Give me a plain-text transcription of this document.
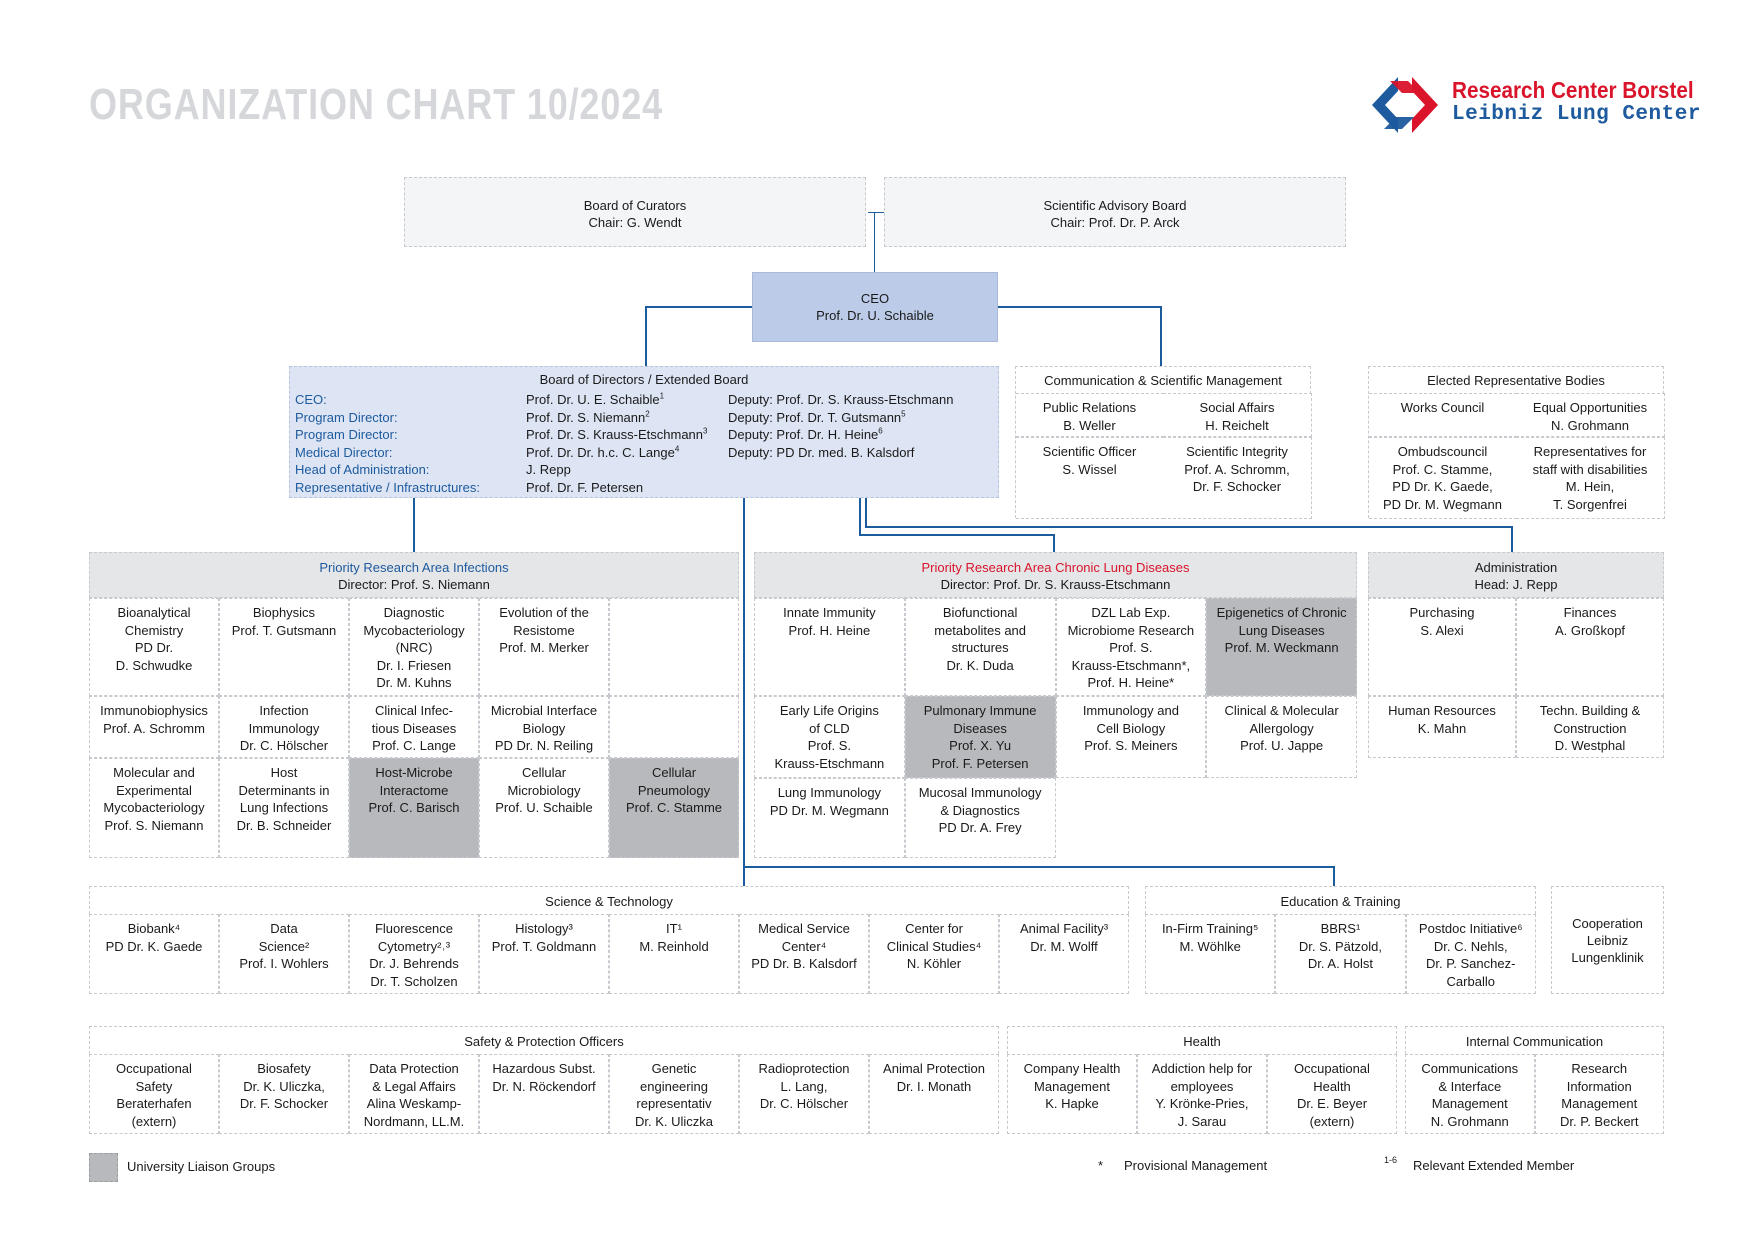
ORGANIZATION CHART 10/2024	Research Center Borstel
Leibniz Lung Center
Board of Curators
Chair: G. Wendt
Scientific Advisory Board
Chair: Prof. Dr. P. Arck
CEO
Prof. Dr. U. Schaible
Board of Directors / Extended Board
CEO:	Prof. Dr. U. E. Schaible$^1$	Deputy: Prof. Dr. S. Krauss-Etschmann
Program Director:	Prof. Dr. S. Niemann$^2$	Deputy: Prof. Dr. T. Gutsmann$^5$
Program Director:	Prof. Dr. S. Krauss-Etschmann$^3$ Deputy: Prof. Dr. H. Heine$^6$
Medical Director:	Prof. Dr. Dr. h.c. C. Lange$^4$	Deputy: PD Dr. med. B. Kalsdorf
Head of Administration:	J. Repp
Representative / Infrastructures:	Prof. Dr. F. Petersen
Communication & Scientific Management
Public Relations
B. Weller
Social Affairs
H. Reichelt
Scientific Officer
S. Wissel
Scientific Integrity
Prof. A. Schromm,
Dr. F. Schocker
Elected Representative Bodies
Works Council	Equal Opportunities
N. Grohmann
Ombudscouncil
Prof. C. Stamme,
PD Dr. K. Gaede,
PD Dr. M. Wegmann
Representatives for
staff with disabilities
M. Hein,
T. Sorgenfrei
Priority Research Area Infections
Director: Prof. S. Niemann
Bioanalytical
Chemistry
PD Dr.
D. Schwudke
Biophysics
Prof. T. Gutsmann
Diagnostic
Mycobacteriology
(NRC)
Dr. I. Friesen
Dr. M. Kuhns
Evolution of the
Resistome
Prof. M. Merker
Immunobiophysics
Prof. A. Schromm
Infection
Immunology
Dr. C. Hölscher
Clinical Infec-
tious Diseases
Prof. C. Lange
Microbial Interface
Biology
PD Dr. N. Reiling
Molecular and
Experimental
Mycobacteriology
Prof. S. Niemann
Host
Determinants in
Lung Infections
Dr. B. Schneider
Host-Microbe
Interactome
Prof. C. Barisch
Cellular
Microbiology
Prof. U. Schaible
Cellular
Pneumology
Prof. C. Stamme
Priority Research Area Chronic Lung Diseases
Director: Prof. Dr. S. Krauss-Etschmann
Innate Immunity
Prof. H. Heine
Biofunctional
metabolites and
structures
Dr. K. Duda
DZL Lab Exp.
Microbiome Research
Prof. S.
Krauss-Etschmann*,
Prof. H. Heine*
Epigenetics of Chronic
Lung Diseases
Prof. M. Weckmann
Early Life Origins
of CLD
Prof. S.
Krauss-Etschmann
Pulmonary Immune
Diseases
Prof. X. Yu
Prof. F. Petersen
Immunology and
Cell Biology
Prof. S. Meiners
Clinical & Molecular
Allergology
Prof. U. Jappe
Lung Immunology
PD Dr. M. Wegmann
Mucosal Immunology
& Diagnostics
PD Dr. A. Frey
Administration
Head: J. Repp
Purchasing
S. Alexi
Finances
A. Großkopf
Human Resources
K. Mahn
Techn. Building &
Construction
D. Westphal
Science & Technology
Biobank⁴
PD Dr. K. Gaede
Data
Science²
Prof. I. Wohlers
Fluorescence
Cytometry²˒³
Dr. J. Behrends
Dr. T. Scholzen
Histology³
Prof. T. Goldmann
IT¹
M. Reinhold
Medical Service
Center⁴
PD Dr. B. Kalsdorf
Center for
Clinical Studies⁴
N. Köhler
Animal Facility³
Dr. M. Wolff
Education & Training
In-Firm Training⁵
M. Wöhlke
BBRS¹
Dr. S. Pätzold,
Dr. A. Holst
Postdoc Initiative⁶
Dr. C. Nehls,
Dr. P. Sanchez-
Carballo
Cooperation
Leibniz
Lungenklinik
Safety & Protection Officers
Occupational
Safety
Beraterhafen
(extern)
Biosafety
Dr. K. Uliczka,
Dr. F. Schocker
Data Protection
& Legal Affairs
Alina Weskamp-
Nordmann, LL.M.
Hazardous Subst.
Dr. N. Röckendorf
Genetic
engineering
representativ
Dr. K. Uliczka
Radioprotection
L. Lang,
Dr. C. Hölscher
Animal Protection
Dr. I. Monath
Health
Company Health
Management
K. Hapke
Addiction help for
employees
Y. Krönke-Pries,
J. Sarau
Occupational
Health
Dr. E. Beyer
(extern)
Internal Communication
Communications
& Interface
Management
N. Grohmann
Research
Information
Management
Dr. P. Beckert
University Liaison Groups	* Provisional Management	1-6 Relevant Extended Member
